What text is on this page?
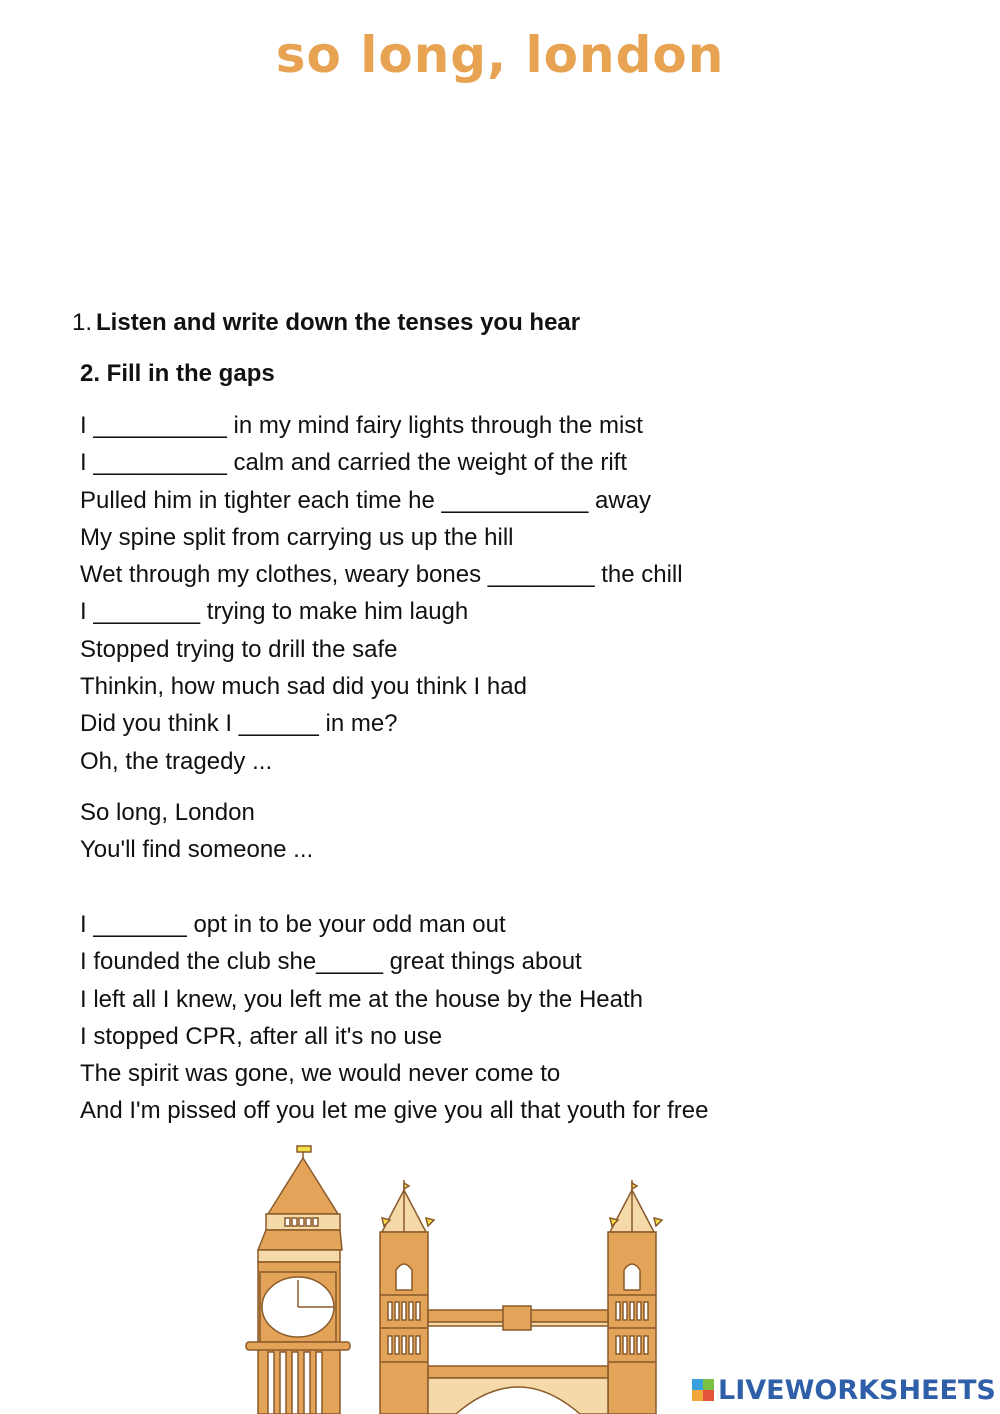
so long, london
1. Listen and write down the tenses you hear
2. Fill in the gaps
I __________ in my mind fairy lights through the mist
I __________ calm and carried the weight of the rift
Pulled him in tighter each time he ___________ away
My spine split from carrying us up the hill
Wet through my clothes, weary bones ________ the chill
I ________ trying to make him laugh
Stopped trying to drill the safe
Thinkin, how much sad did you think I had
Did you think I ______ in me?
Oh, the tragedy ...
So long, London
You'll find someone ...
I _______ opt in to be your odd man out
I founded the club she_____ great things about
I left all I knew, you left me at the house by the Heath
I stopped CPR, after all it's no use
The spirit was gone, we would never come to
And I'm pissed off you let me give you all that youth for free
LIVEWORKSHEETS
